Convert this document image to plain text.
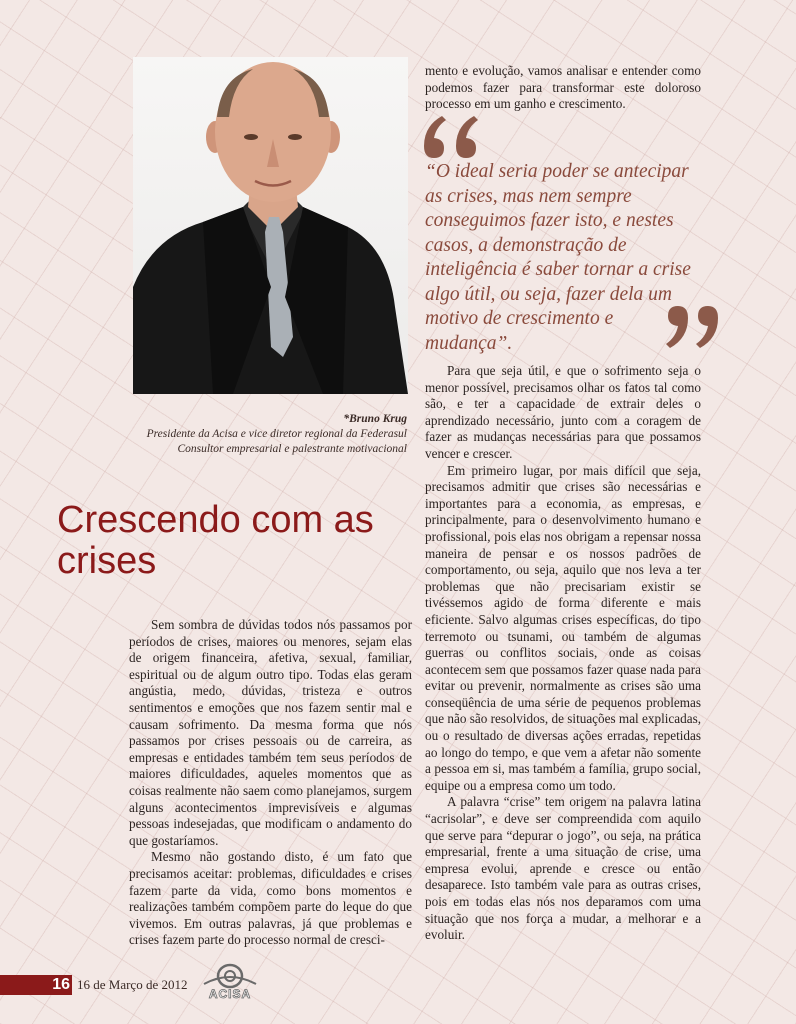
*Bruno Krug
Presidente da Acisa e vice diretor regional da Federasul
Consultor empresarial e palestrante motivacional
Crescendo com as crises

Sem sombra de dúvidas todos nós passamos por períodos de crises, maiores ou menores, sejam elas de origem financeira, afetiva, sexual, familiar, espiritual ou de algum outro tipo. Todas elas geram angústia, medo, dúvidas, tristeza e outros sentimentos e emoções que nos fazem sentir mal e causam sofrimento. Da mesma forma que nós passamos por crises pessoais ou de carreira, as empresas e entidades também tem seus períodos de maiores dificuldades, aqueles momentos que as coisas realmente não saem como planejamos, surgem alguns acontecimentos imprevisíveis e algumas pessoas indesejadas, que modificam o andamento do que gostaríamos.

Mesmo não gostando disto, é um fato que precisamos aceitar: problemas, dificuldades e crises fazem parte da vida, como bons momentos e realizações também compõem parte do leque do que vivemos. Em outras palavras, já que problemas e crises fazem parte do processo normal de cresci-

mento e evolução, vamos analisar e entender como podemos fazer para transformar este doloroso processo em um ganho e crescimento.

“O ideal seria poder se antecipar as crises, mas nem sempre conseguimos fazer isto, e nestes casos, a demonstração de inteligência é saber tornar a crise algo útil, ou seja, fazer dela um motivo de crescimento e mudança”.

Para que seja útil, e que o sofrimento seja o menor possível, precisamos olhar os fatos tal como são, e ter a capacidade de extrair deles o aprendizado necessário, junto com a coragem de fazer as mudanças necessárias para que possamos vencer e crescer.

Em primeiro lugar, por mais difícil que seja, precisamos admitir que crises são necessárias e importantes para a economia, as empresas, e principalmente, para o desenvolvimento humano e profissional, pois elas nos obrigam a repensar nossa maneira de pensar e os nossos padrões de comportamento, ou seja, aquilo que nos leva a ter problemas que não precisariam existir se tivéssemos agido de forma diferente e mais eficiente. Salvo algumas crises específicas, do tipo terremoto ou tsunami, ou também de algumas guerras ou conflitos sociais, onde as coisas acontecem sem que possamos fazer quase nada para evitar ou prevenir, normalmente as crises são uma conseqüência de uma série de pequenos problemas que não são resolvidos, de situações mal explicadas, ou o resultado de diversas ações erradas, repetidas ao longo do tempo, e que vem a afetar não somente a pessoa em si, mas também a família, grupo social, equipe ou a empresa como um todo.

A palavra “crise” tem origem na palavra latina “acrisolar”, e deve ser compreendida com aquilo que serve para “depurar o jogo”, ou seja, na prática empresarial, frente a uma situação de crise, uma empresa evolui, aprende e cresce ou então desaparece. Isto também vale para as outras crises, pois em todas elas nós nos deparamos com uma situação que nos força a mudar, a melhorar e a evoluir.

16 16 de Março de 2012
ACISA
